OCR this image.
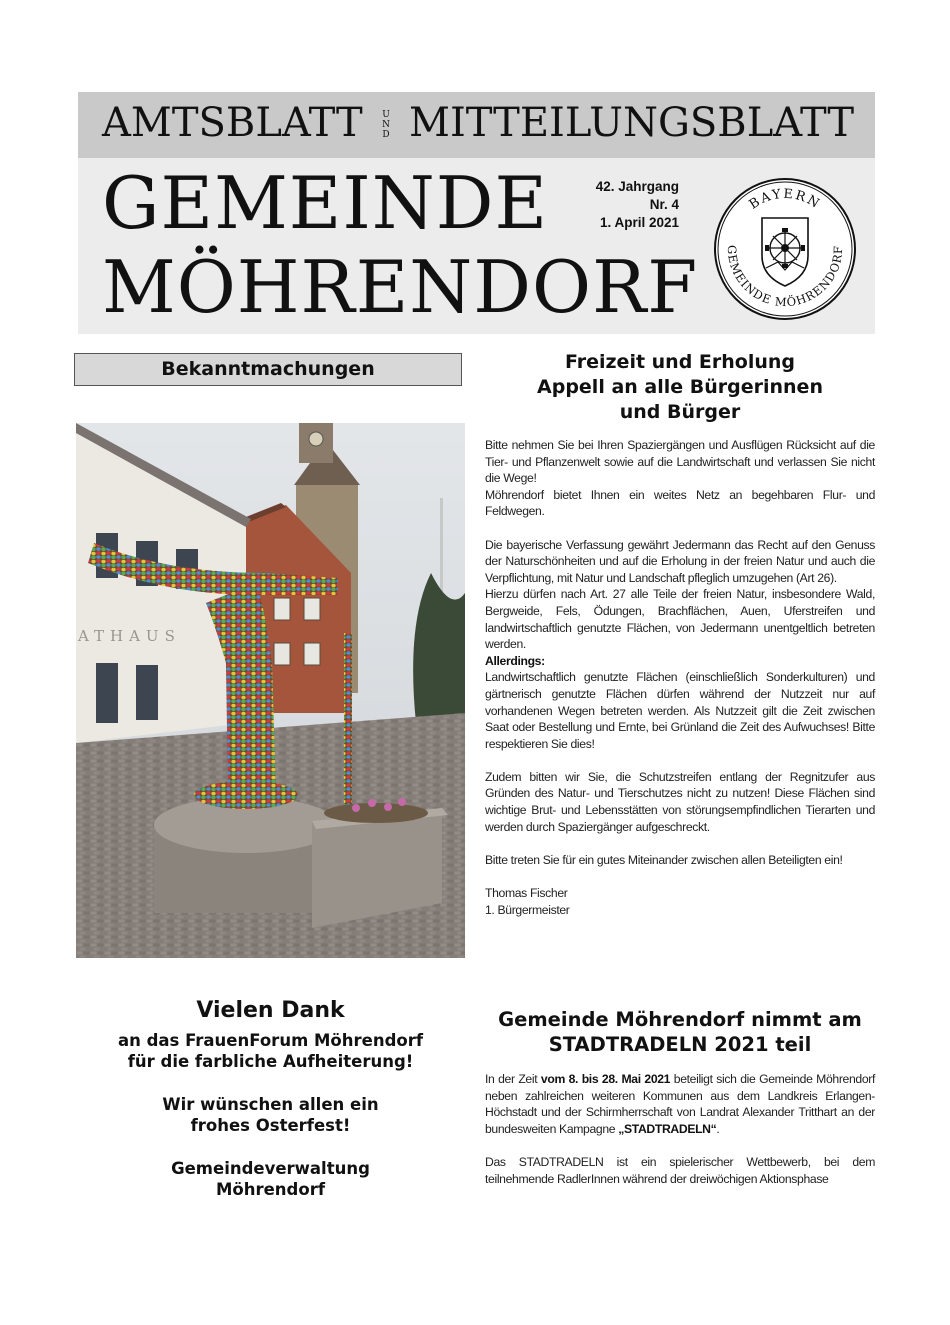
AMTSBLATT	U
N
D MITTEILUNGSBLATT
GEMEINDE
MÖHRENDORF
42. Jahrgang
Nr. 4
1. April 2021
BAYERN
GEMEINDE MÖHRENDORF
Bekanntmachungen
ATHAUS
Vielen Dank
an das FrauenForum Möhrendorf
für die farbliche Aufheiterung!
Wir wünschen allen ein
frohes Osterfest!
Gemeindeverwaltung
Möhrendorf
Freizeit und Erholung
Appell an alle Bürgerinnen
und Bürger

Bitte nehmen Sie bei Ihren Spaziergängen und Ausflügen Rücksicht auf die Tier- und Pflanzenwelt sowie auf die Landwirtschaft und verlassen Sie nicht die Wege!

Möhrendorf bietet Ihnen ein weites Netz an begehbaren Flur- und Feldwegen.

Die bayerische Verfassung gewährt Jedermann das Recht auf den Genuss der Naturschönheiten und auf die Erholung in der freien Natur und auch die Verpflichtung, mit Natur und Landschaft pfleglich umzugehen (Art 26).

Hierzu dürfen nach Art. 27 alle Teile der freien Natur, insbesondere Wald, Bergweide, Fels, Ödungen, Brachflächen, Auen, Uferstreifen und landwirtschaftlich genutzte Flächen, von Jedermann unentgeltlich betreten werden.

Allerdings:

Landwirtschaftlich genutzte Flächen (einschließlich Sonderkulturen) und gärtnerisch genutzte Flächen dürfen während der Nutzzeit nur auf vorhandenen Wegen betreten werden. Als Nutzzeit gilt die Zeit zwischen Saat oder Bestellung und Ernte, bei Grünland die Zeit des Aufwuchses! Bitte respektieren Sie dies!

Zudem bitten wir Sie, die Schutzstreifen entlang der Regnitzufer aus Gründen des Natur- und Tierschutzes nicht zu nutzen! Diese Flächen sind wichtige Brut- und Lebensstätten von störungsempfindlichen Tierarten und werden durch Spaziergänger aufgeschreckt.

Bitte treten Sie für ein gutes Miteinander zwischen allen Beteiligten ein!

Thomas Fischer

1. Bürgermeister

Gemeinde Möhrendorf nimmt am
STADTRADELN 2021 teil

In der Zeit vom 8. bis 28. Mai 2021 beteiligt sich die Gemeinde Möhrendorf neben zahlreichen weiteren Kommunen aus dem Landkreis Erlangen-Höchstadt und der Schirmherrschaft von Landrat Alexander Tritthart an der bundesweiten Kampagne „STADTRADELN“.

Das STADTRADELN ist ein spielerischer Wettbewerb, bei dem teilnehmende RadlerInnen während der dreiwöchigen Aktionsphase
